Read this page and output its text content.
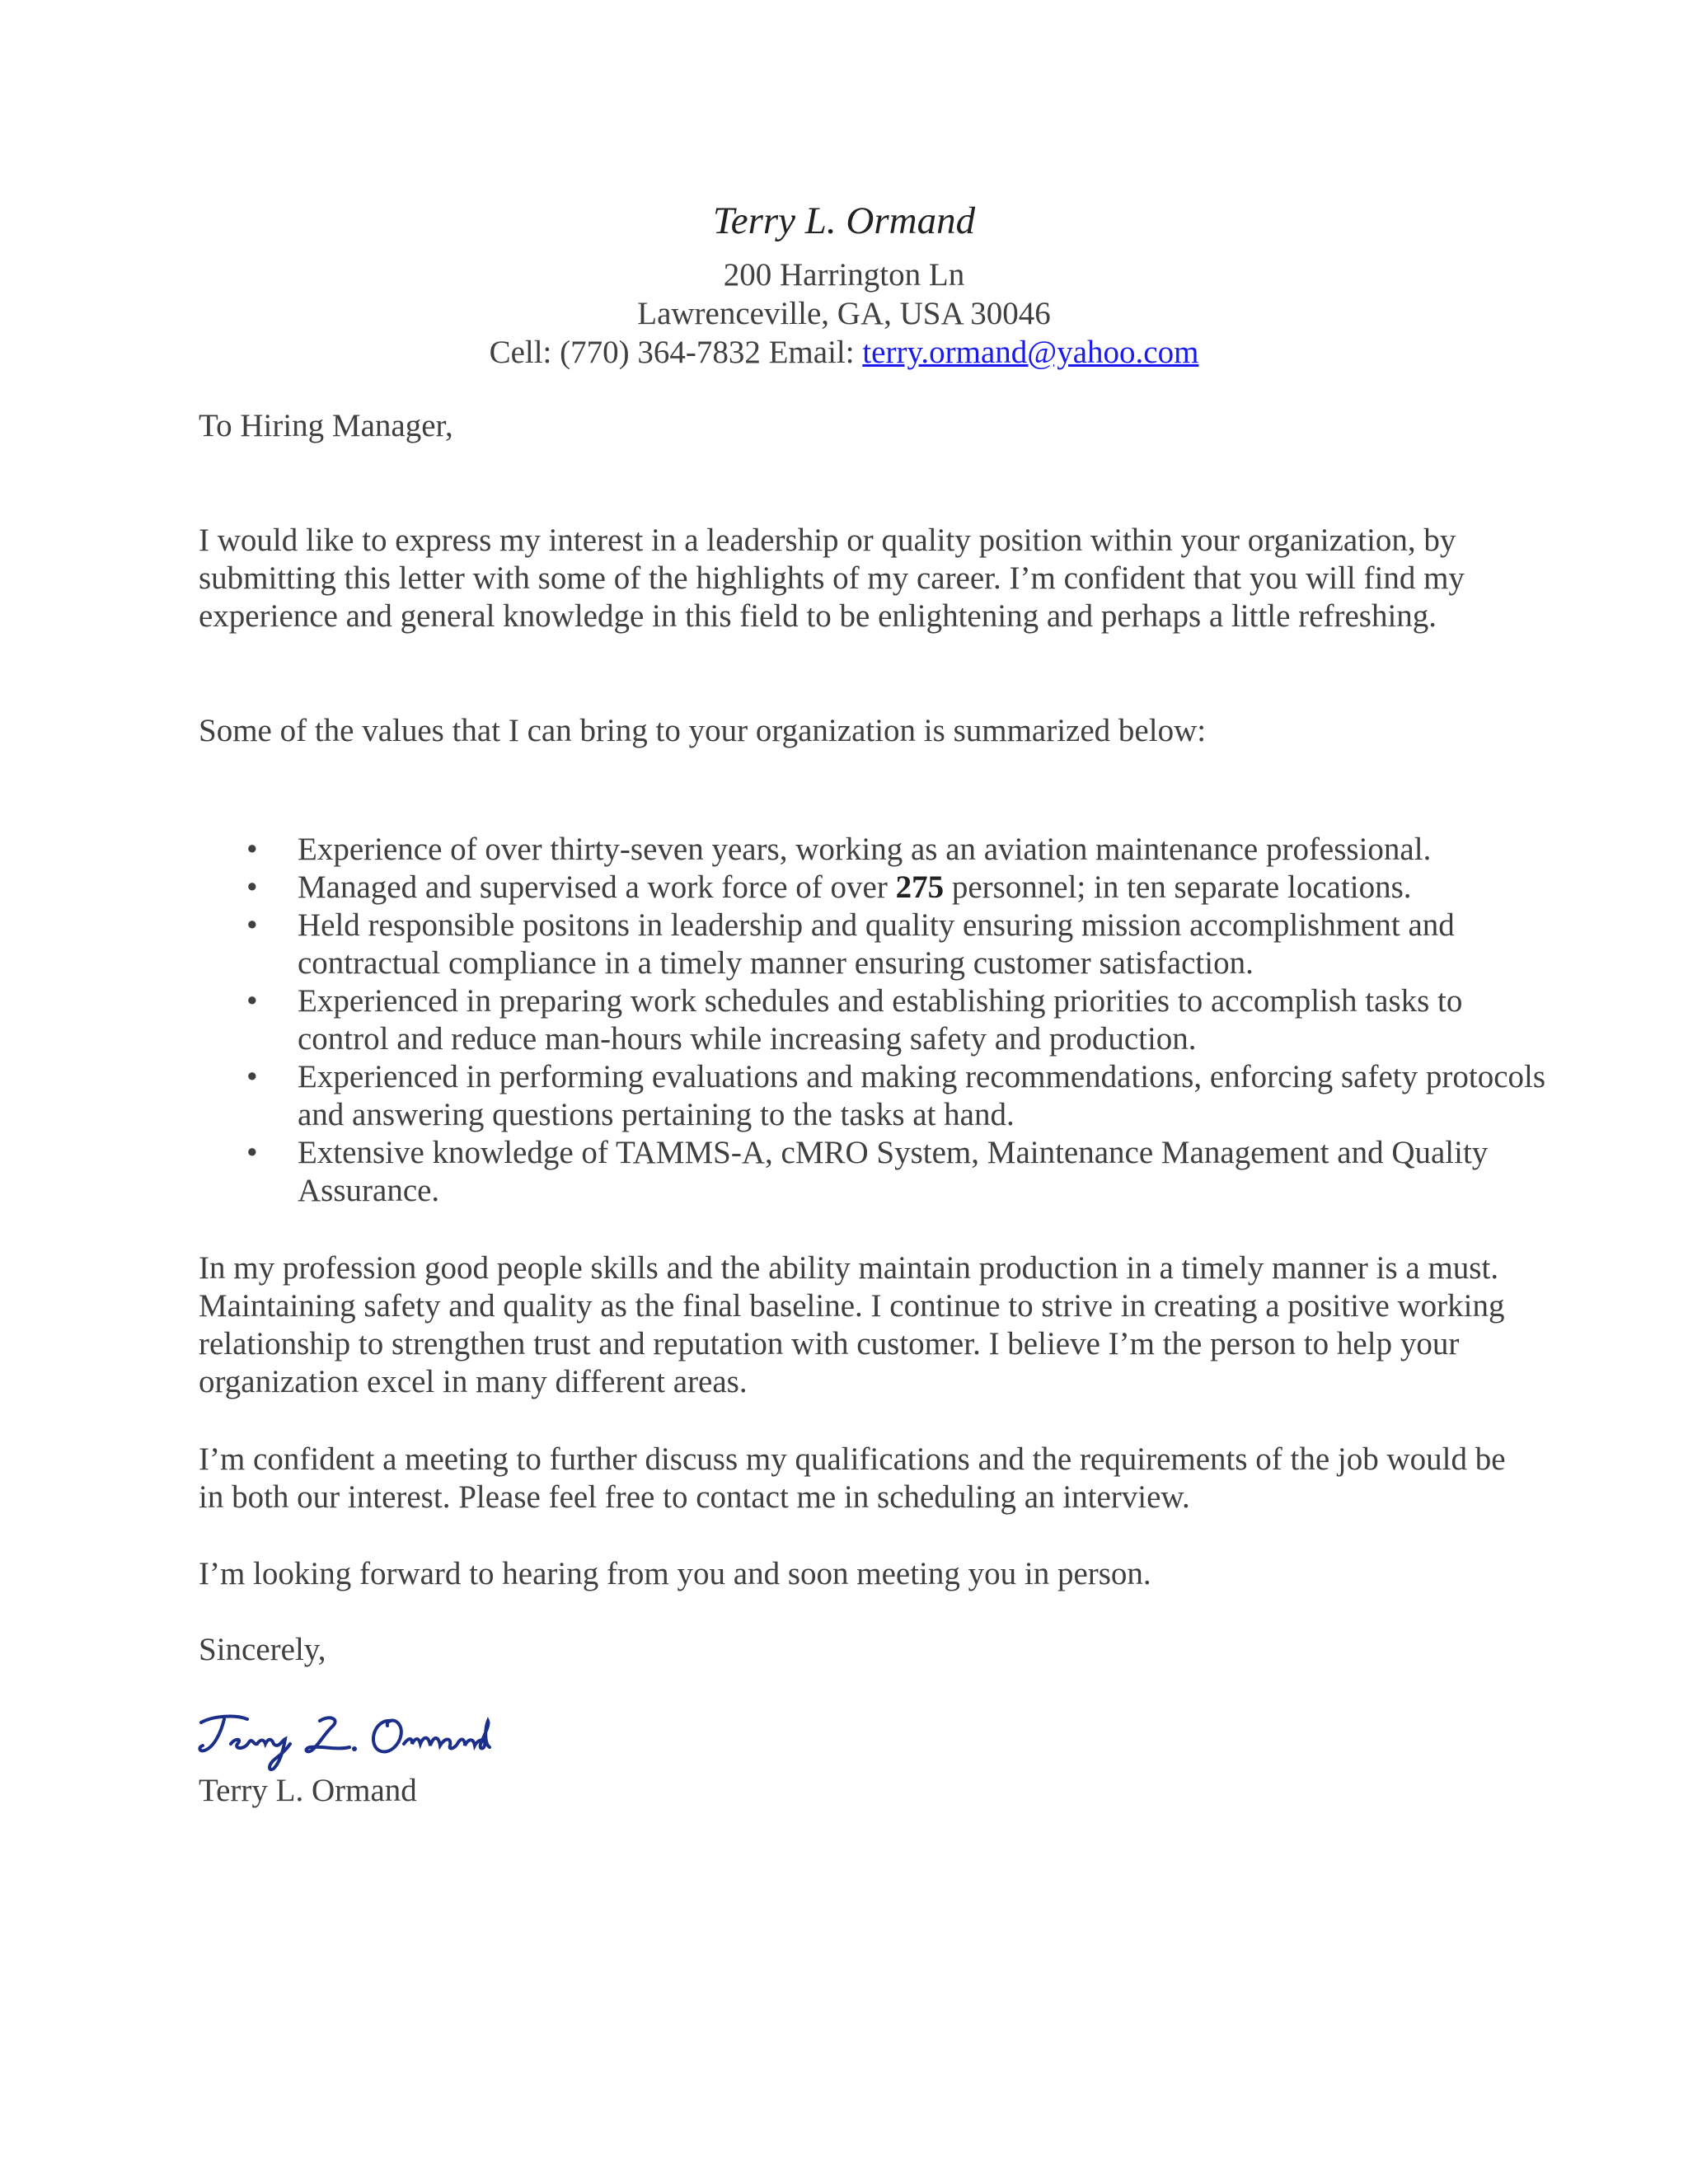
Terry L. Ormand

200 Harrington Ln

Lawrenceville, GA, USA 30046

Cell: (770) 364-7832 Email: terry.ormand@yahoo.com

To Hiring Manager,

I would like to express my interest in a leadership or quality position within your organization, by submitting this letter with some of the highlights of my career. I’m confident that you will find my experience and general knowledge in this field to be enlightening and perhaps a little refreshing.

Some of the values that I can bring to your organization is summarized below:

• Experience of over thirty-seven years, working as an aviation maintenance professional.
• Managed and supervised a work force of over 275 personnel; in ten separate locations.
• Held responsible positons in leadership and quality ensuring mission accomplishment and contractual compliance in a timely manner ensuring customer satisfaction.
• Experienced in preparing work schedules and establishing priorities to accomplish tasks to control and reduce man-hours while increasing safety and production.
• Experienced in performing evaluations and making recommendations, enforcing safety protocols and answering questions pertaining to the tasks at hand.
• Extensive knowledge of TAMMS-A, cMRO System, Maintenance Management and Quality Assurance.

In my profession good people skills and the ability maintain production in a timely manner is a must. Maintaining safety and quality as the final baseline. I continue to strive in creating a positive working relationship to strengthen trust and reputation with customer. I believe I’m the person to help your organization excel in many different areas.

I’m confident a meeting to further discuss my qualifications and the requirements of the job would be in both our interest. Please feel free to contact me in scheduling an interview.

I’m looking forward to hearing from you and soon meeting you in person.

Sincerely,

Terry L. Ormand
